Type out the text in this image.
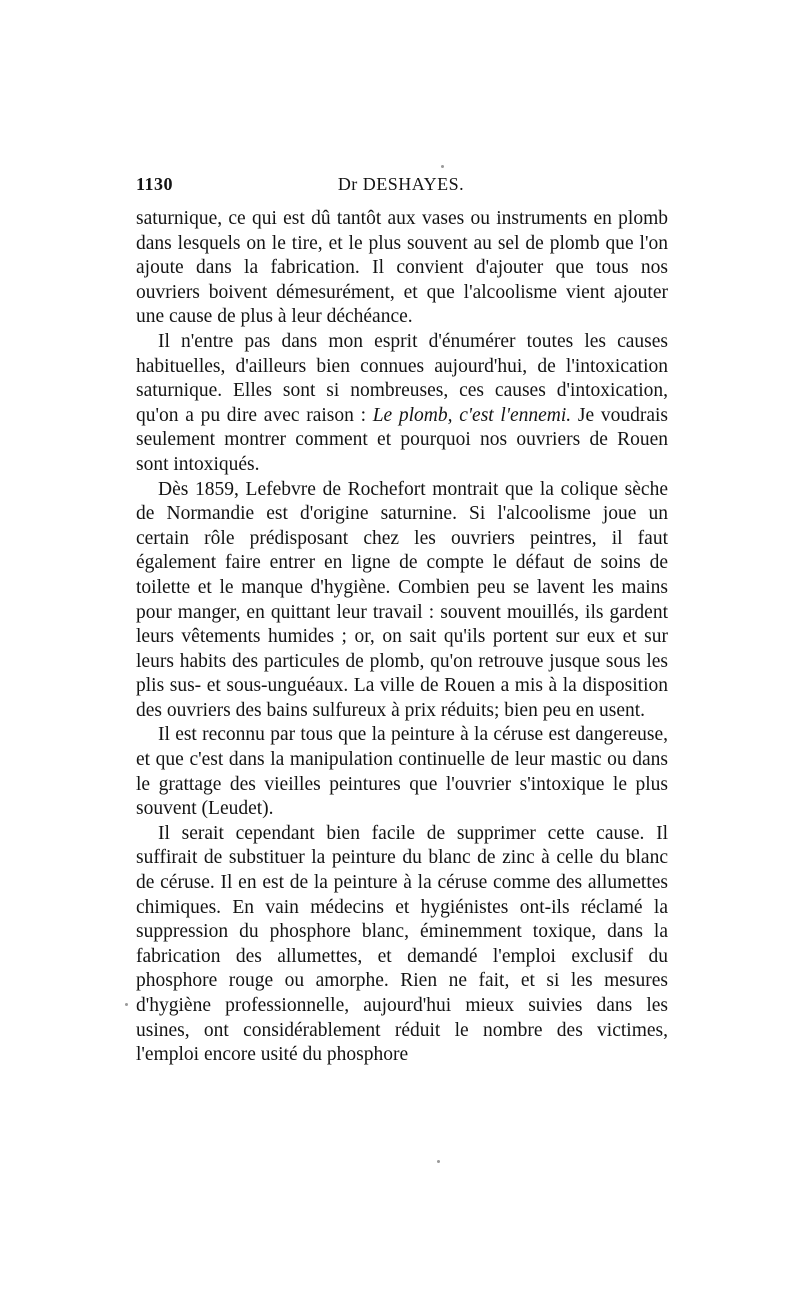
1130	Dr DESHAYES.

saturnique, ce qui est dû tantôt aux vases ou instruments en plomb dans lesquels on le tire, et le plus souvent au sel de plomb que l'on ajoute dans la fabrication. Il convient d'ajouter que tous nos ouvriers boivent démesurément, et que l'alcoolisme vient ajouter une cause de plus à leur déchéance.

Il n'entre pas dans mon esprit d'énumérer toutes les causes habituelles, d'ailleurs bien connues aujourd'hui, de l'intoxication saturnique. Elles sont si nombreuses, ces causes d'intoxication, qu'on a pu dire avec raison : Le plomb, c'est l'ennemi. Je voudrais seulement montrer comment et pourquoi nos ouvriers de Rouen sont intoxiqués.

Dès 1859, Lefebvre de Rochefort montrait que la colique sèche de Normandie est d'origine saturnine. Si l'alcoolisme joue un certain rôle prédisposant chez les ouvriers peintres, il faut également faire entrer en ligne de compte le défaut de soins de toilette et le manque d'hygiène. Combien peu se lavent les mains pour manger, en quittant leur travail : souvent mouillés, ils gardent leurs vêtements humides ; or, on sait qu'ils portent sur eux et sur leurs habits des particules de plomb, qu'on retrouve jusque sous les plis sus- et sous-unguéaux. La ville de Rouen a mis à la disposition des ouvriers des bains sulfureux à prix réduits; bien peu en usent.

Il est reconnu par tous que la peinture à la céruse est dangereuse, et que c'est dans la manipulation continuelle de leur mastic ou dans le grattage des vieilles peintures que l'ouvrier s'intoxique le plus souvent (Leudet).

Il serait cependant bien facile de supprimer cette cause. Il suffirait de substituer la peinture du blanc de zinc à celle du blanc de céruse. Il en est de la peinture à la céruse comme des allumettes chimiques. En vain médecins et hygiénistes ont-ils réclamé la suppression du phosphore blanc, éminemment toxique, dans la fabrication des allumettes, et demandé l'emploi exclusif du phosphore rouge ou amorphe. Rien ne fait, et si les mesures d'hygiène professionnelle, aujourd'hui mieux suivies dans les usines, ont considérablement réduit le nombre des victimes, l'emploi encore usité du phosphore
